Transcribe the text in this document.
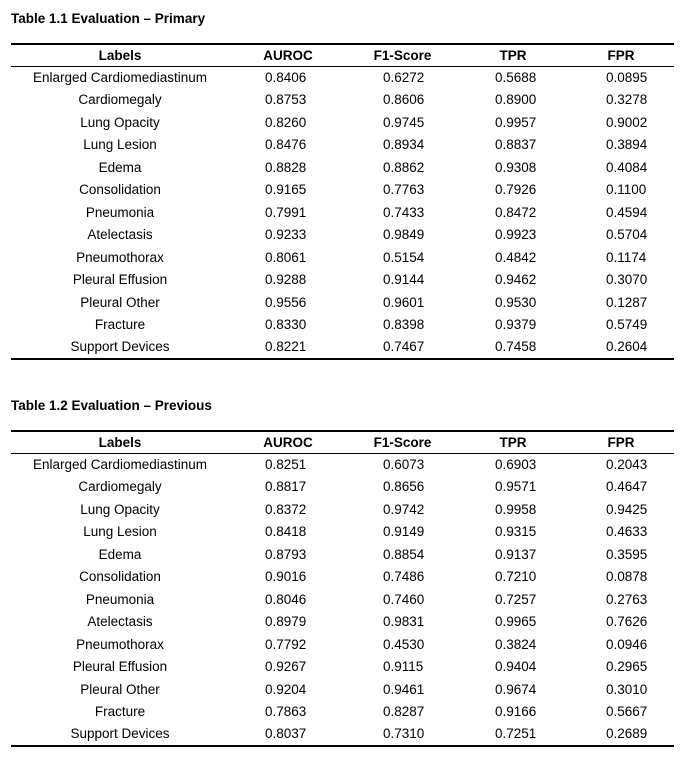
Table 1.1 Evaluation – Primary
Labels	AUROC	F1-Score	TPR	FPR
Enlarged Cardiomediastinum	0.8406	0.6272	0.5688	0.0895
Cardiomegaly	0.8753	0.8606	0.8900	0.3278
Lung Opacity	0.8260	0.9745	0.9957	0.9002
Lung Lesion	0.8476	0.8934	0.8837	0.3894
Edema	0.8828	0.8862	0.9308	0.4084
Consolidation	0.9165	0.7763	0.7926	0.1100
Pneumonia	0.7991	0.7433	0.8472	0.4594
Atelectasis	0.9233	0.9849	0.9923	0.5704
Pneumothorax	0.8061	0.5154	0.4842	0.1174
Pleural Effusion	0.9288	0.9144	0.9462	0.3070
Pleural Other	0.9556	0.9601	0.9530	0.1287
Fracture	0.8330	0.8398	0.9379	0.5749
Support Devices	0.8221	0.7467	0.7458	0.2604
Table 1.2 Evaluation – Previous
Labels	AUROC	F1-Score	TPR	FPR
Enlarged Cardiomediastinum	0.8251	0.6073	0.6903	0.2043
Cardiomegaly	0.8817	0.8656	0.9571	0.4647
Lung Opacity	0.8372	0.9742	0.9958	0.9425
Lung Lesion	0.8418	0.9149	0.9315	0.4633
Edema	0.8793	0.8854	0.9137	0.3595
Consolidation	0.9016	0.7486	0.7210	0.0878
Pneumonia	0.8046	0.7460	0.7257	0.2763
Atelectasis	0.8979	0.9831	0.9965	0.7626
Pneumothorax	0.7792	0.4530	0.3824	0.0946
Pleural Effusion	0.9267	0.9115	0.9404	0.2965
Pleural Other	0.9204	0.9461	0.9674	0.3010
Fracture	0.7863	0.8287	0.9166	0.5667
Support Devices	0.8037	0.7310	0.7251	0.2689
